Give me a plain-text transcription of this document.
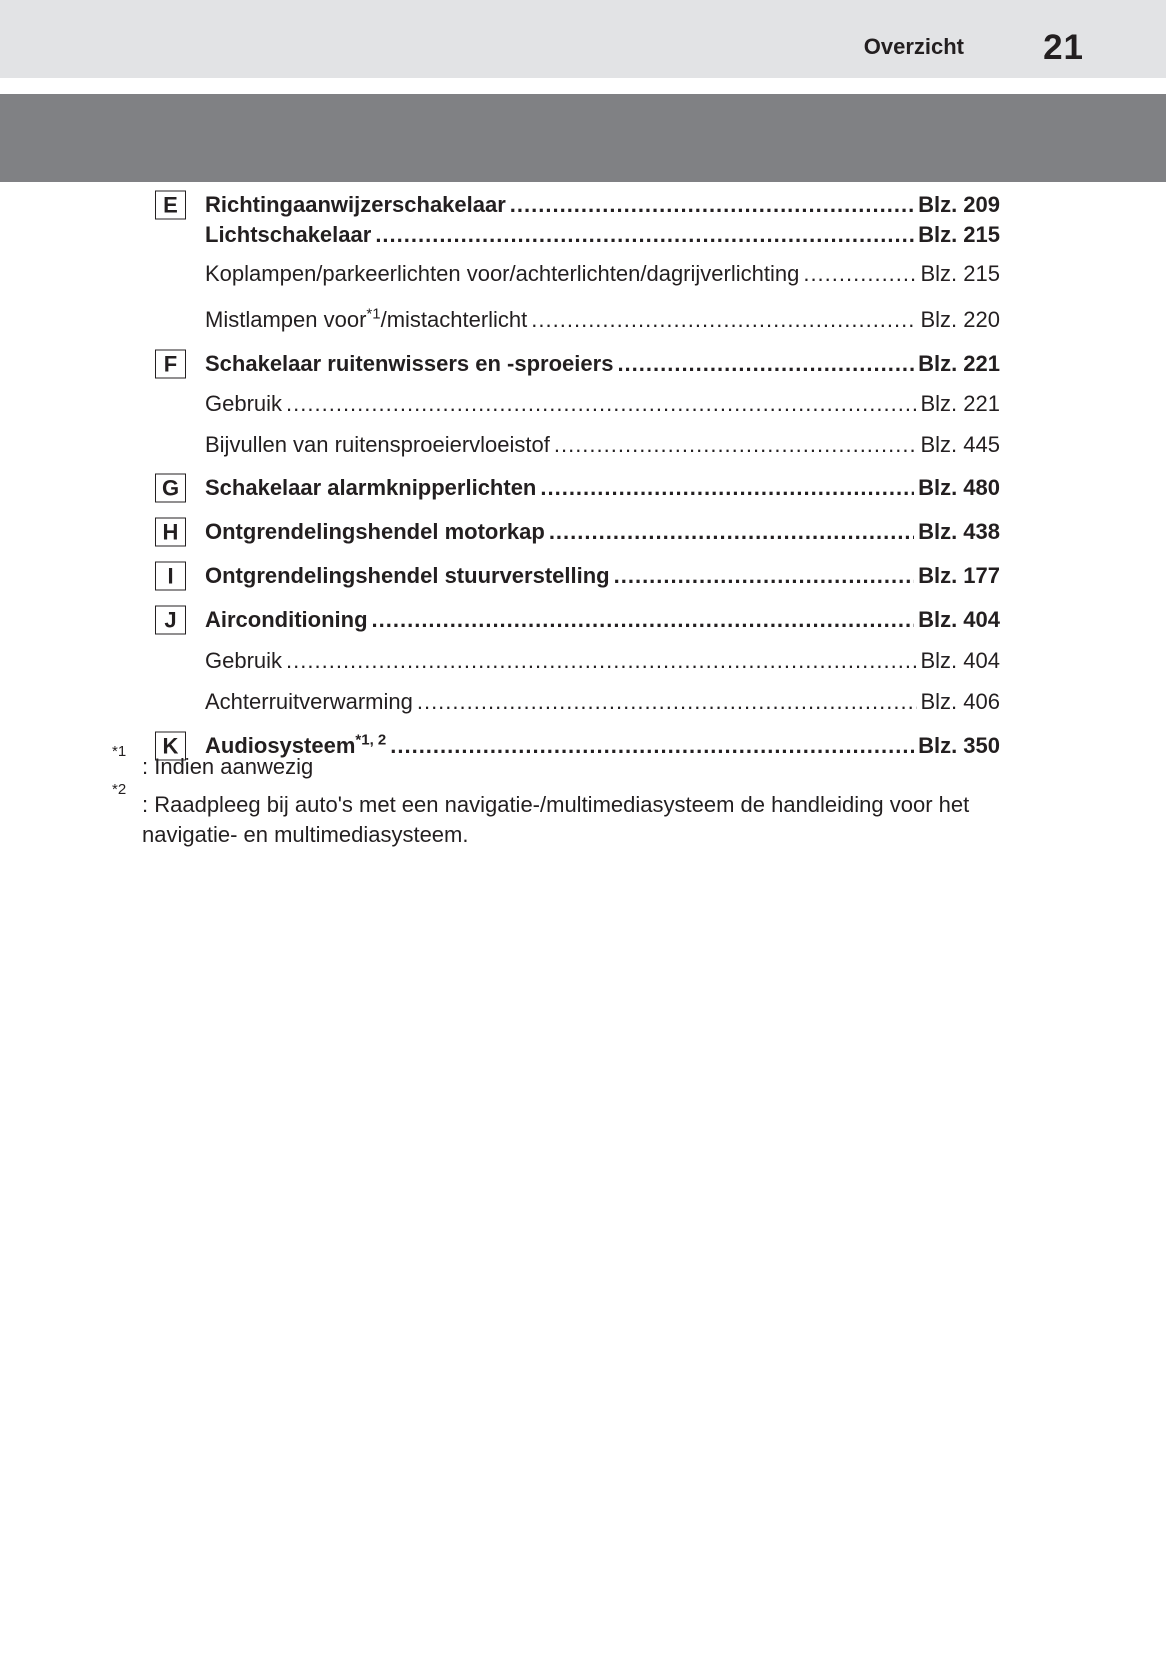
Overzicht 21
E	Richtingaanwijzerschakelaar .....	Blz. 209
Lichtschakelaar .....	Blz. 215
Koplampen/parkeerlichten voor/achterlichten/dagrijverlichting .....	Blz. 215
Mistlampen voor$^{*1}$/mistachterlicht .....	Blz. 220
F	Schakelaar ruitenwissers en -sproeiers .....	Blz. 221
Gebruik .....	Blz. 221
Bijvullen van ruitensproeiervloeistof .....	Blz. 445
G	Schakelaar alarmknipperlichten .....	Blz. 480
H	Ontgrendelingshendel motorkap .....	Blz. 438
I	Ontgrendelingshendel stuurverstelling .....	Blz. 177
J	Airconditioning .....	Blz. 404
Gebruik .....	Blz. 404
Achterruitverwarming .....	Blz. 406
K	Audiosysteem$^{*1, 2}$ .....	Blz. 350
*1
: Indien aanwezig
*2
: Raadpleeg bij auto's met een navigatie-/multimediasysteem de handleiding voor het navigatie- en multimediasysteem.
